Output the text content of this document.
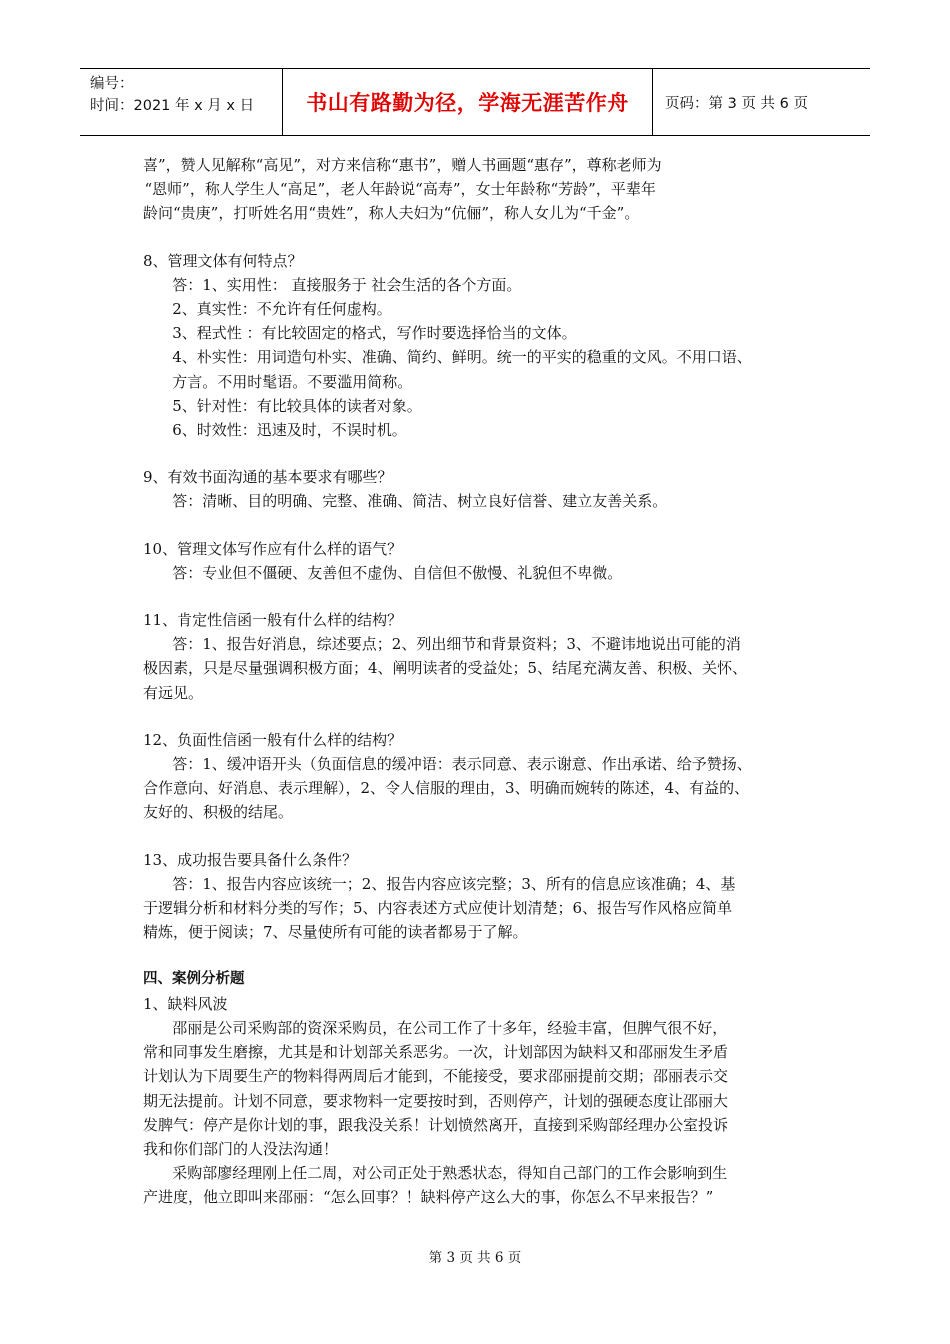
编号：
时间：2021 年 x 月 x 日	书山有路勤为径，学海无涯苦作舟	页码：第 3 页 共 6 页

喜”，赞人见解称“高见”，对方来信称“惠书”，赠人书画题“惠存”，尊称老师为

“恩师”，称人学生人“高足”，老人年龄说“高寿”，女士年龄称“芳龄”，平辈年

龄问“贵庚”，打听姓名用“贵姓”，称人夫妇为“伉俪”，称人女儿为“千金”。

8、管理文体有何特点？

答：1、实用性： 直接服务于 社会生活的各个方面。

2、真实性：不允许有任何虚构。

3、程式性 ：有比较固定的格式，写作时要选择恰当的文体。

4、朴实性：用词造句朴实、准确、简约、鲜明。统一的平实的稳重的文风。不用口语、

方言。不用时髦语。不要滥用简称。

5、针对性：有比较具体的读者对象。

6、时效性：迅速及时，不误时机。

9、有效书面沟通的基本要求有哪些？

答：清晰、目的明确、完整、准确、简洁、树立良好信誉、建立友善关系。

10、管理文体写作应有什么样的语气？

答：专业但不僵硬、友善但不虚伪、自信但不傲慢、礼貌但不卑微。

11、肯定性信函一般有什么样的结构？

答：1、报告好消息，综述要点；2、列出细节和背景资料；3、不避讳地说出可能的消

极因素，只是尽量强调积极方面；4、阐明读者的受益处；5、结尾充满友善、积极、关怀、

有远见。

12、负面性信函一般有什么样的结构？

答：1、缓冲语开头（负面信息的缓冲语：表示同意、表示谢意、作出承诺、给予赞扬、

合作意向、好消息、表示理解），2、令人信服的理由，3、明确而婉转的陈述，4、有益的、

友好的、积极的结尾。

13、成功报告要具备什么条件？

答：1、报告内容应该统一；2、报告内容应该完整；3、所有的信息应该准确；4、基

于逻辑分析和材料分类的写作；5、内容表述方式应使计划清楚；6、报告写作风格应简单

精炼，便于阅读；7、尽量使所有可能的读者都易于了解。

四、案例分析题

1、缺料风波

邵丽是公司采购部的资深采购员，在公司工作了十多年，经验丰富，但脾气很不好，

常和同事发生磨擦，尤其是和计划部关系恶劣。一次，计划部因为缺料又和邵丽发生矛盾

计划认为下周要生产的物料得两周后才能到，不能接受，要求邵丽提前交期；邵丽表示交

期无法提前。计划不同意，要求物料一定要按时到，否则停产，计划的强硬态度让邵丽大

发脾气：停产是你计划的事，跟我没关系！计划愤然离开，直接到采购部经理办公室投诉

我和你们部门的人没法沟通！

采购部廖经理刚上任二周，对公司正处于熟悉状态，得知自己部门的工作会影响到生

产进度，他立即叫来邵丽：“怎么回事？！缺料停产这么大的事，你怎么不早来报告？”

第 3 页 共 6 页
